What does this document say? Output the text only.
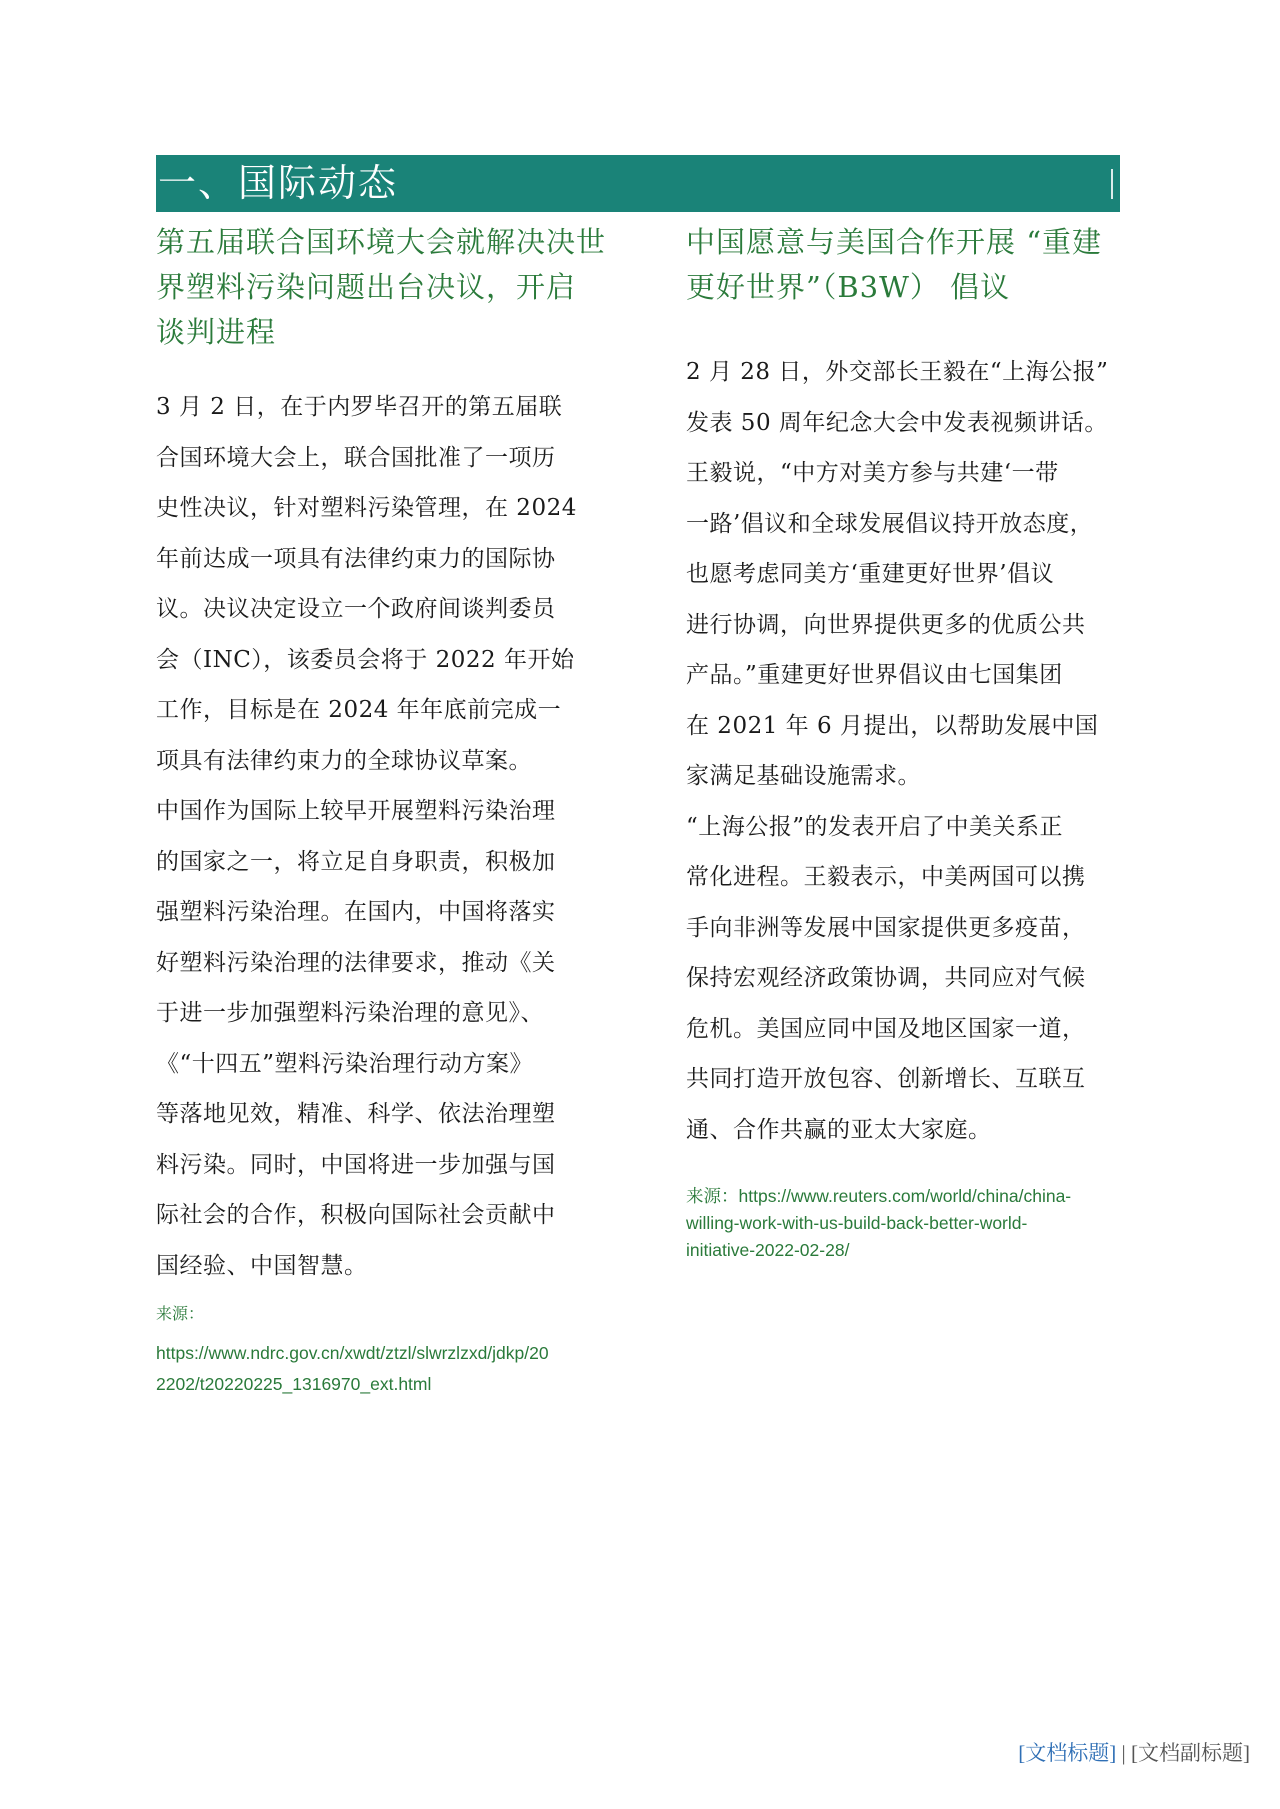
一、国际动态
第五届联合国环境大会就解决决世
界塑料污染问题出台决议，开启
谈判进程
3 月 2 日，在于内罗毕召开的第五届联
合国环境大会上，联合国批准了一项历
史性决议，针对塑料污染管理，在 2024
年前达成一项具有法律约束力的国际协
议。决议决定设立一个政府间谈判委员
会（INC），该委员会将于 2022 年开始
工作，目标是在 2024 年年底前完成一
项具有法律约束力的全球协议草案。
中国作为国际上较早开展塑料污染治理
的国家之一，将立足自身职责，积极加
强塑料污染治理。在国内，中国将落实
好塑料污染治理的法律要求，推动《关
于进一步加强塑料污染治理的意见》、
《“十四五”塑料污染治理行动方案》
等落地见效，精准、科学、依法治理塑
料污染。同时，中国将进一步加强与国
际社会的合作，积极向国际社会贡献中
国经验、中国智慧。
来源：
https://www.ndrc.gov.cn/xwdt/ztzl/slwrzlzxd/jdkp/20
2202/t20220225_1316970_ext.html
中国愿意与美国合作开展 “重建
更好世界”（B3W） 倡议
2 月 28 日，外交部长王毅在“上海公报”
发表 50 周年纪念大会中发表视频讲话。
王毅说，“中方对美方参与共建‘一带
一路’倡议和全球发展倡议持开放态度，
也愿考虑同美方‘重建更好世界’倡议
进行协调，向世界提供更多的优质公共
产品。”重建更好世界倡议由七国集团
在 2021 年 6 月提出，以帮助发展中国
家满足基础设施需求。
“上海公报”的发表开启了中美关系正
常化进程。王毅表示，中美两国可以携
手向非洲等发展中国家提供更多疫苗，
保持宏观经济政策协调，共同应对气候
危机。美国应同中国及地区国家一道，
共同打造开放包容、创新增长、互联互
通、合作共赢的亚太大家庭。
来源：https://www.reuters.com/world/china/china-
willing-work-with-us-build-back-better-world-
initiative-2022-02-28/
[文档标题] | [文档副标题]
